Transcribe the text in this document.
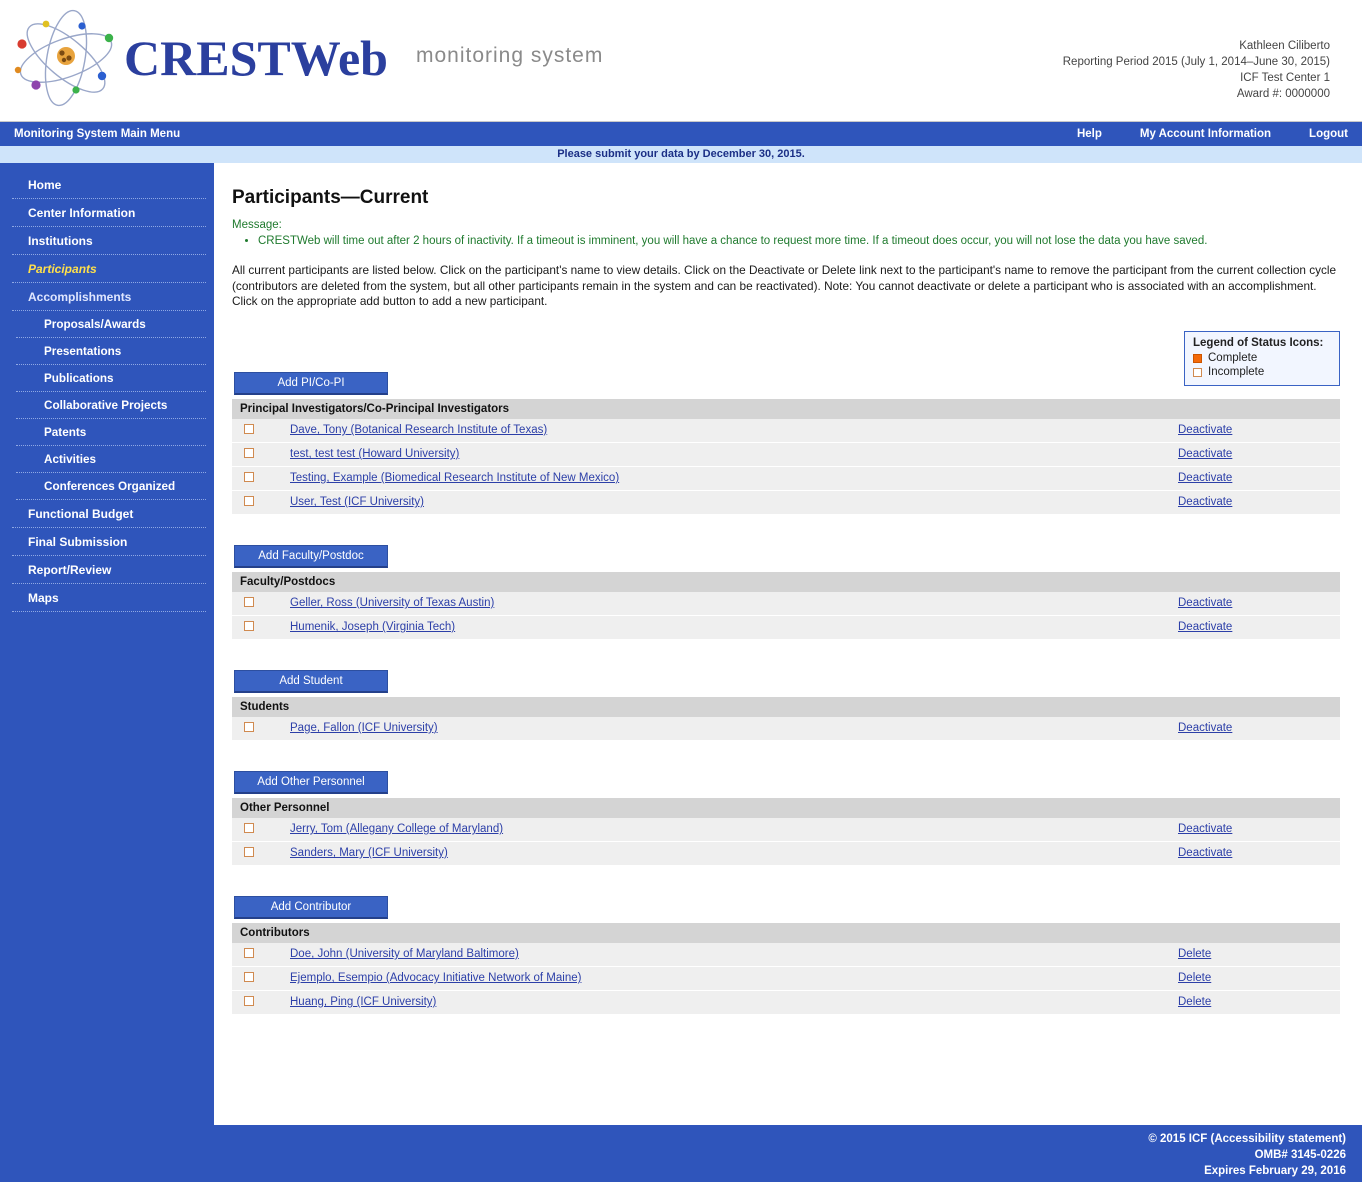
CRESTWeb monitoring system	Kathleen Ciliberto
Reporting Period 2015 (July 1, 2014–June 30, 2015)
ICF Test Center 1
Award #: 0000000
Monitoring System Main Menu	Help	My Account Information	Logout
Please submit your data by December 30, 2015.
Home
Center Information
Institutions
Participants
Accomplishments
Proposals/Awards
Presentations
Publications
Collaborative Projects
Patents
Activities
Conferences Organized
Functional Budget
Final Submission
Report/Review
Maps
Participants—Current
Message:
• CRESTWeb will time out after 2 hours of inactivity. If a timeout is imminent, you will have a chance to request more time. If a timeout does occur, you will not lose the data you have saved.
All current participants are listed below. Click on the participant's name to view details. Click on the Deactivate or Delete link next to the participant's name to remove the participant from the current collection cycle (contributors are deleted from the system, but all other participants remain in the system and can be reactivated). Note: You cannot deactivate or delete a participant who is associated with an accomplishment. Click on the appropriate add button to add a new participant.
Legend of Status Icons:
Complete
Incomplete
Add PI/Co-PI
Principal Investigators/Co-Principal Investigators		
	Dave, Tony (Botanical Research Institute of Texas)	Deactivate
	test, test test (Howard University)	Deactivate
	Testing, Example (Biomedical Research Institute of New Mexico)	Deactivate
	User, Test (ICF University)	Deactivate
Add Faculty/Postdoc
Faculty/Postdocs		
	Geller, Ross (University of Texas Austin)	Deactivate
	Humenik, Joseph (Virginia Tech)	Deactivate
Add Student
Students
	Page, Fallon (ICF University)	Deactivate
Add Other Personnel
Other Personnel		
	Jerry, Tom (Allegany College of Maryland)	Deactivate
	Sanders, Mary (ICF University)	Deactivate
Add Contributor
Contributors		
	Doe, John (University of Maryland Baltimore)	Delete
	Ejemplo, Esempio (Advocacy Initiative Network of Maine)	Delete
	Huang, Ping (ICF University)	Delete
© 2015 ICF (Accessibility statement)
OMB# 3145-0226
Expires February 29, 2016
